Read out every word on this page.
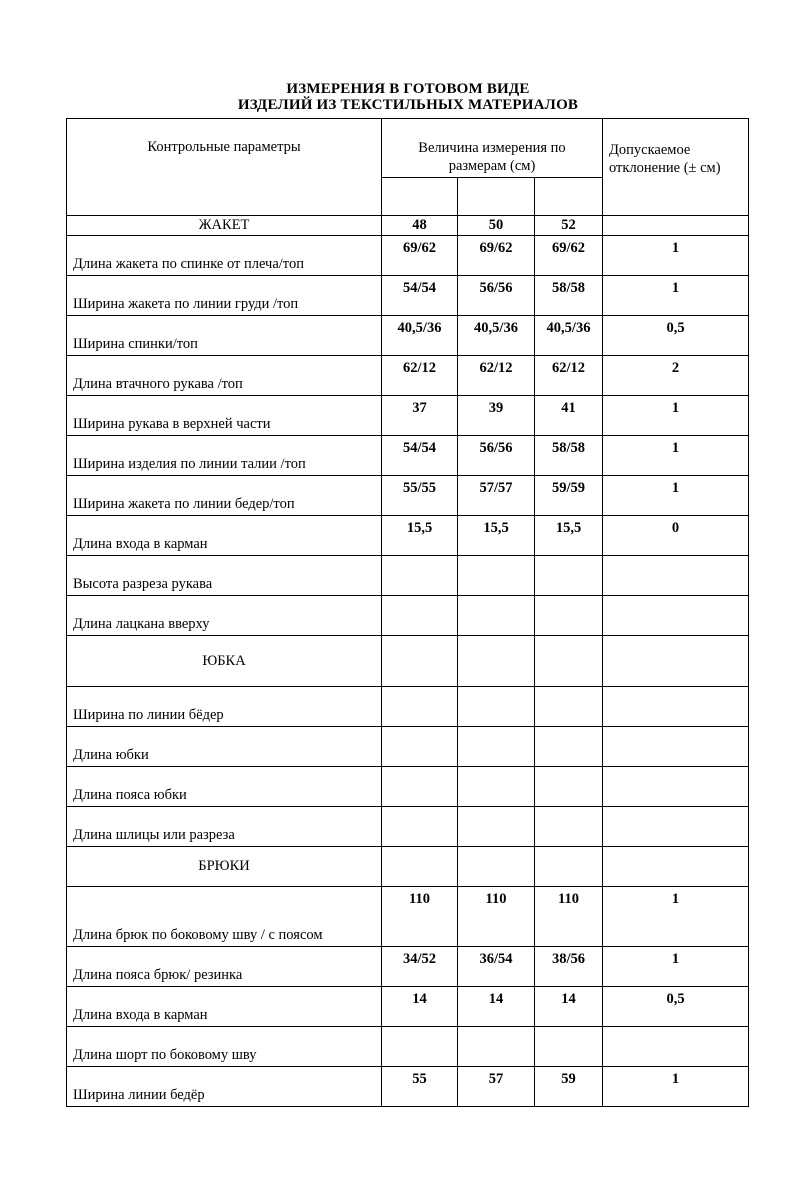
ИЗМЕРЕНИЯ В ГОТОВОМ ВИДЕ
ИЗДЕЛИЙ ИЗ ТЕКСТИЛЬНЫХ МАТЕРИАЛОВ
Контрольные параметры	Величина измерения по размерам (см)			Допускаемое отклонение (± см)

ЖАКЕТ	48	50	52	
Длина жакета по спинке от плеча/топ	69/62	69/62	69/62	1
Ширина жакета по линии груди /топ	54/54	56/56	58/58	1
Ширина спинки/топ	40,5/36	40,5/36	40,5/36	0,5
Длина втачного рукава /топ	62/12	62/12	62/12	2
Ширина рукава в верхней части	37	39	41	1
Ширина изделия по линии талии /топ	54/54	56/56	58/58	1
Ширина жакета по линии бедер/топ	55/55	57/57	59/59	1
Длина входа в карман	15,5	15,5	15,5	0
Высота разреза рукава				
Длина лацкана вверху				
ЮБКА				
Ширина по линии бёдер				
Длина юбки				
Длина пояса юбки				
Длина шлицы или разреза				
БРЮКИ				
Длина брюк по боковому шву / с поясом	110	110	110	1
Длина пояса брюк/ резинка	34/52	36/54	38/56	1
Длина входа в карман	14	14	14	0,5
Длина шорт по боковому шву				
Ширина линии бедёр	55	57	59	1
